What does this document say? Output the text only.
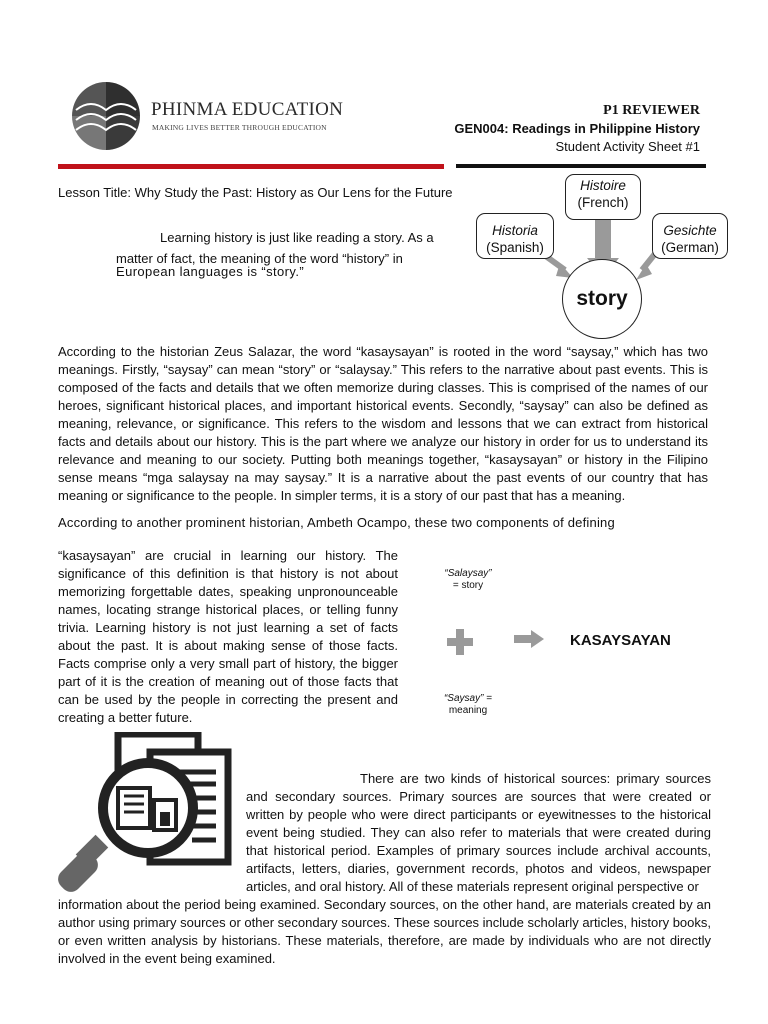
PHINMA EDUCATION
MAKING LIVES BETTER THROUGH EDUCATION
P1 REVIEWER
GEN004: Readings in Philippine History
Student Activity Sheet #1
Lesson Title: Why Study the Past: History as Our Lens for the Future
Learning history is just like reading a story. As a
matter of fact, the meaning of the word “history” in
European languages is “story.”
Histoire
(French)
Historia
(Spanish)
Gesichte
(German)
story
According to the historian Zeus Salazar, the word “kasaysayan” is rooted in the word “saysay,” which has two meanings. Firstly, “saysay” can mean “story” or “salaysay.” This refers to the narrative about past events. This is composed of the facts and details that we often memorize during classes. This is comprised of the names of our heroes, significant historical places, and important historical events. Secondly, “saysay” can also be defined as meaning, relevance, or significance. This refers to the wisdom and lessons that we can extract from historical facts and details about our history. This is the part where we analyze our history in order for us to understand its relevance and meaning to our society. Putting both meanings together, “kasaysayan” or history in the Filipino sense means “mga salaysay na may saysay.” It is a narrative about the past events of our country that has meaning or significance to the people. In simpler terms, it is a story of our past that has a meaning.
According to another prominent historian, Ambeth Ocampo, these two components of defining
“kasaysayan” are crucial in learning our history. The significance of this definition is that history is not about memorizing forgettable dates, speaking unpronounceable names, locating strange historical places, or telling funny trivia. Learning history is not just learning a set of facts about the past. It is about making sense of those facts. Facts comprise only a very small part of history, the bigger part of it is the creation of meaning out of those facts that can be used by the people in correcting the present and creating a better future.
“Salaysay”
= story
KASAYSAYAN
“Saysay” =
meaning
There are two kinds of historical sources: primary sources and secondary sources. Primary sources are sources that were created or written by people who were direct participants or eyewitnesses to the historical event being studied. They can also refer to materials that were created during that historical period. Examples of primary sources include archival accounts, artifacts, letters, diaries, government records, photos and videos, newspaper articles, and oral history. All of these materials represent original perspective or
information about the period being examined. Secondary sources, on the other hand, are materials created by an author using primary sources or other secondary sources. These sources include scholarly articles, history books, or even written analysis by historians. These materials, therefore, are made by individuals who are not directly involved in the event being examined.
